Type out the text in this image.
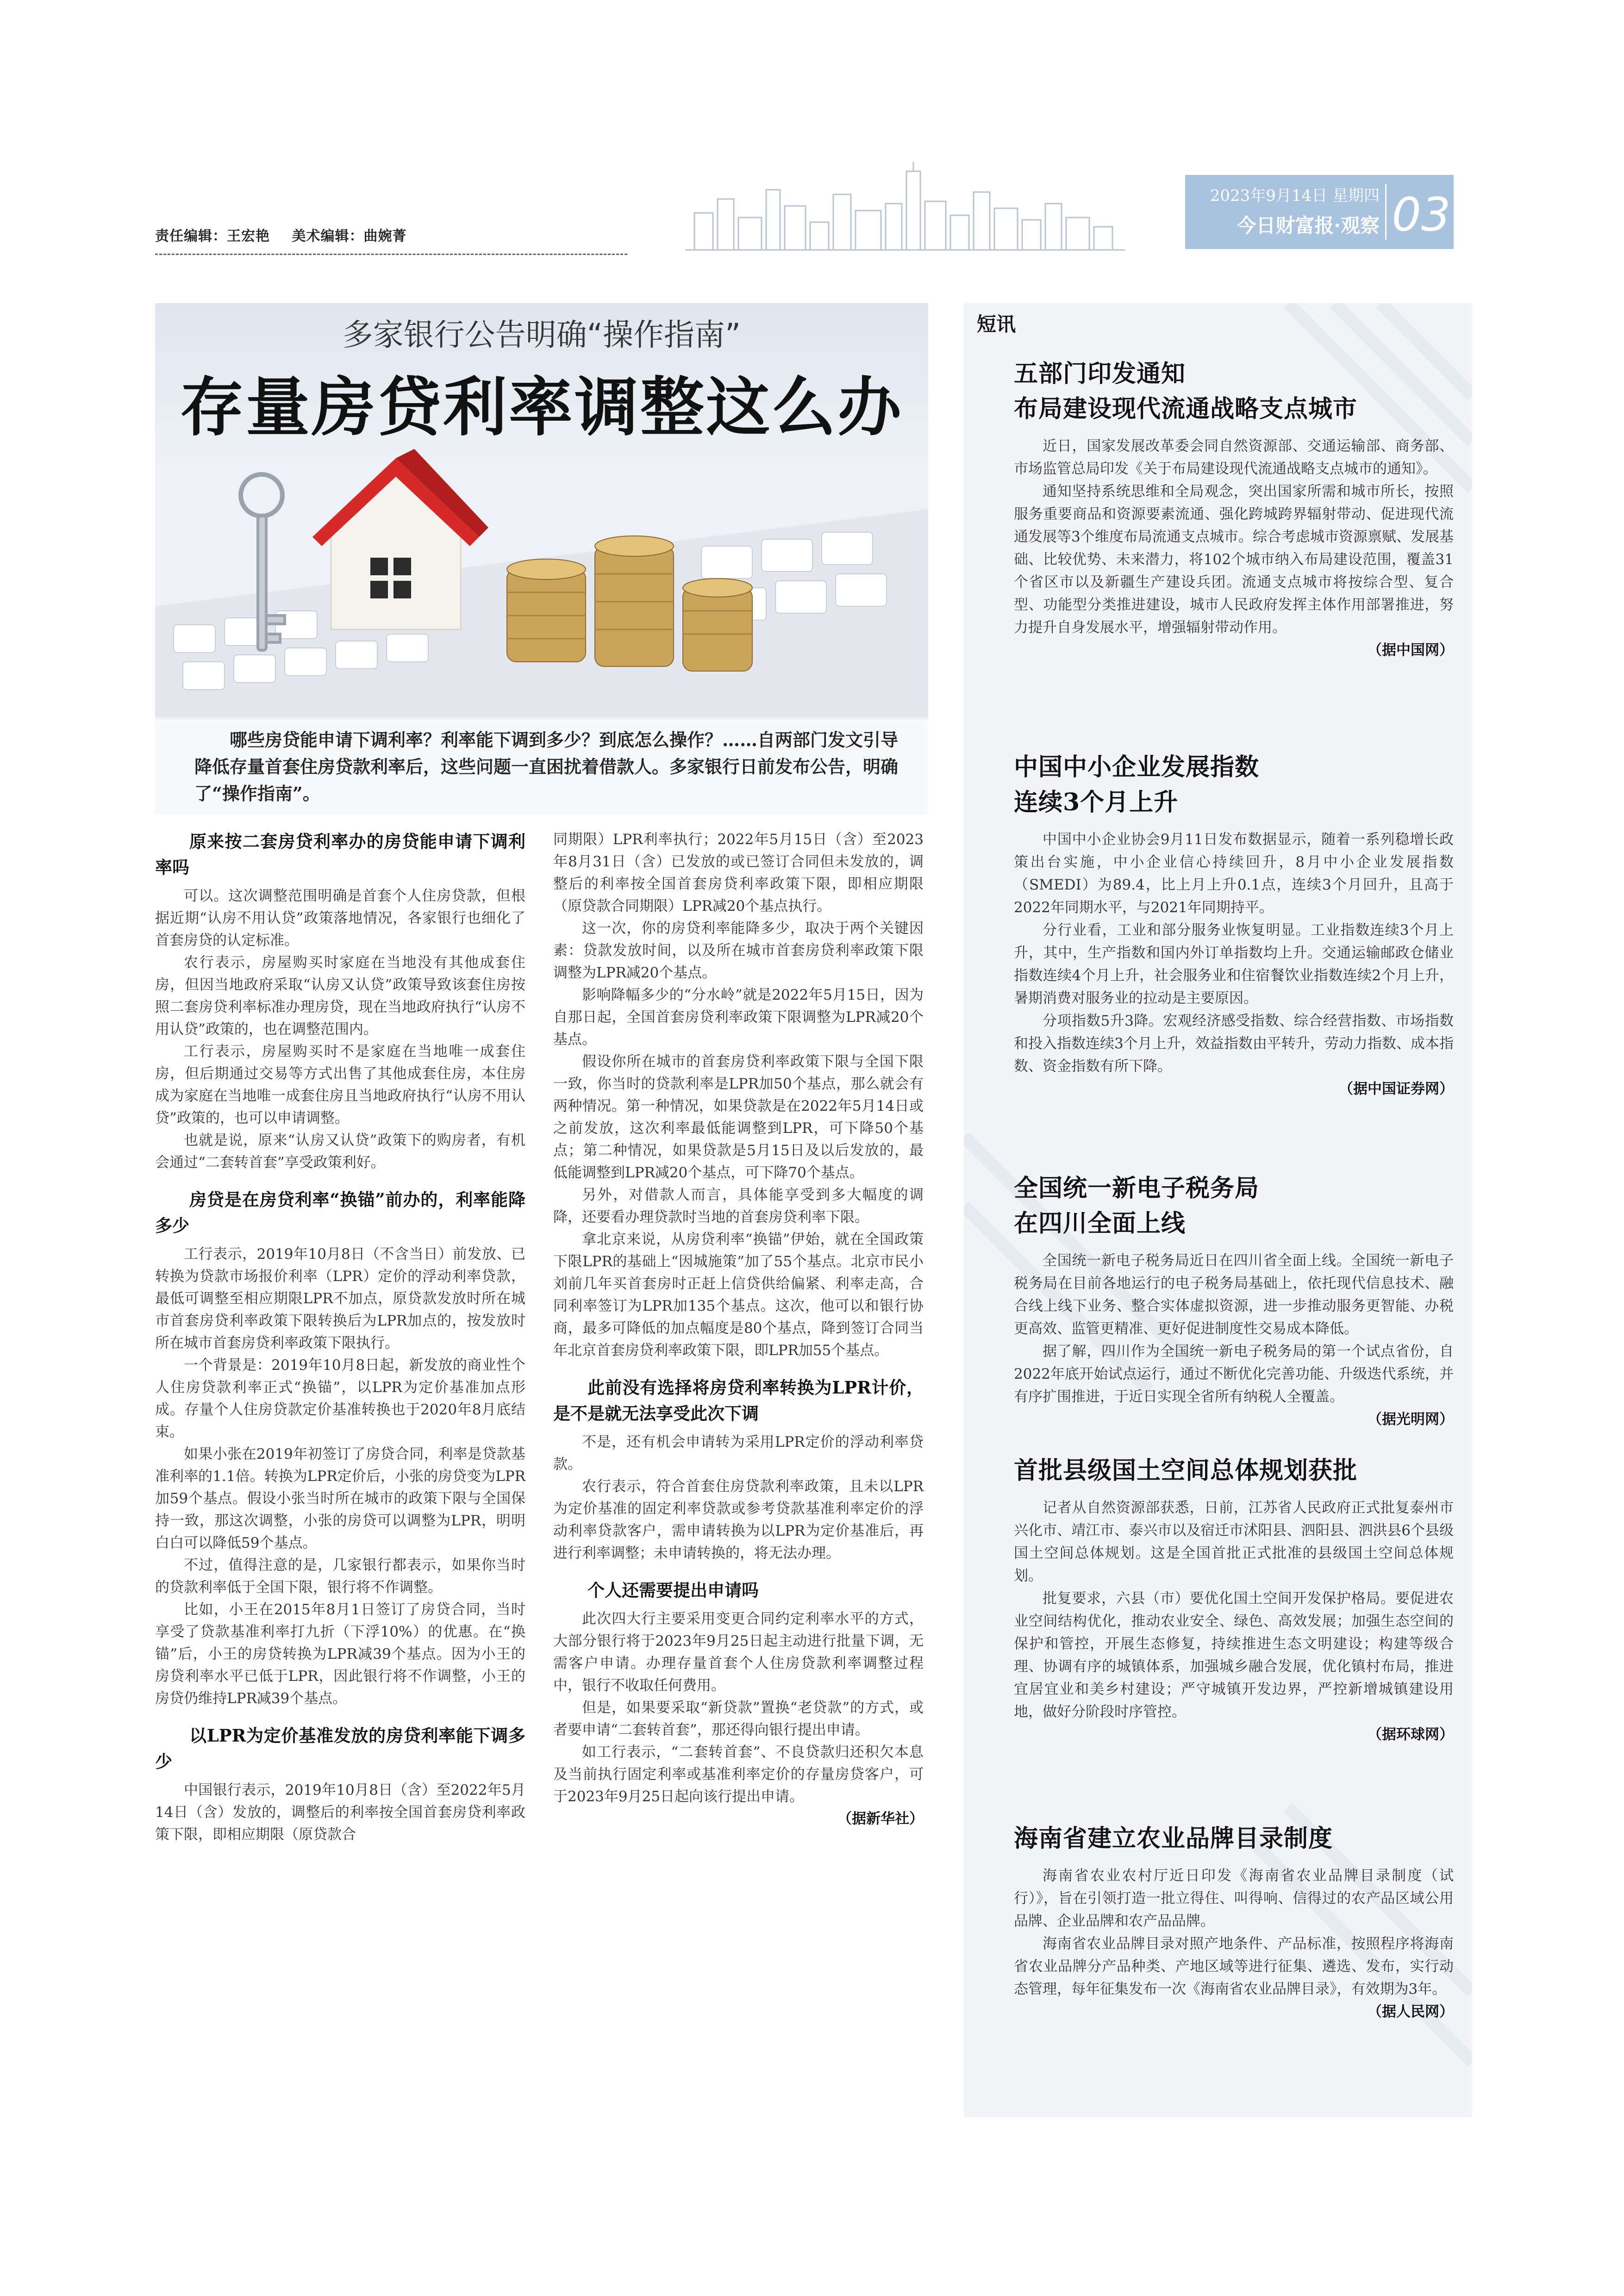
责任编辑：王宏艳 美术编辑：曲婉菁
2023年9月14日 星期四
今日财富报·观察 03
多家银行公告明确“操作指南”
存量房贷利率调整这么办
哪些房贷能申请下调利率？利率能下调到多少？到底怎么操作？……自两部门发文引导降低存量首套住房贷款利率后，这些问题一直困扰着借款人。多家银行日前发布公告，明确了“操作指南”。
原来按二套房贷利率办的房贷能申请下调利率吗

可以。这次调整范围明确是首套个人住房贷款，但根据近期“认房不用认贷”政策落地情况，各家银行也细化了首套房贷的认定标准。

农行表示，房屋购买时家庭在当地没有其他成套住房，但因当地政府采取“认房又认贷”政策导致该套住房按照二套房贷利率标准办理房贷，现在当地政府执行“认房不用认贷”政策的，也在调整范围内。

工行表示，房屋购买时不是家庭在当地唯一成套住房，但后期通过交易等方式出售了其他成套住房，本住房成为家庭在当地唯一成套住房且当地政府执行“认房不用认贷”政策的，也可以申请调整。

也就是说，原来“认房又认贷”政策下的购房者，有机会通过“二套转首套”享受政策利好。

房贷是在房贷利率“换锚”前办的，利率能降多少

工行表示，2019年10月8日（不含当日）前发放、已转换为贷款市场报价利率（LPR）定价的浮动利率贷款，最低可调整至相应期限LPR不加点，原贷款发放时所在城市首套房贷利率政策下限转换后为LPR加点的，按发放时所在城市首套房贷利率政策下限执行。

一个背景是：2019年10月8日起，新发放的商业性个人住房贷款利率正式“换锚”，以LPR为定价基准加点形成。存量个人住房贷款定价基准转换也于2020年8月底结束。

如果小张在2019年初签订了房贷合同，利率是贷款基准利率的1.1倍。转换为LPR定价后，小张的房贷变为LPR加59个基点。假设小张当时所在城市的政策下限与全国保持一致，那这次调整，小张的房贷可以调整为LPR，明明白白可以降低59个基点。

不过，值得注意的是，几家银行都表示，如果你当时的贷款利率低于全国下限，银行将不作调整。

比如，小王在2015年8月1日签订了房贷合同，当时享受了贷款基准利率打九折（下浮10%）的优惠。在“换锚”后，小王的房贷转换为LPR减39个基点。因为小王的房贷利率水平已低于LPR，因此银行将不作调整，小王的房贷仍维持LPR减39个基点。

以LPR为定价基准发放的房贷利率能下调多少

中国银行表示，2019年10月8日（含）至2022年5月14日（含）发放的，调整后的利率按全国首套房贷利率政策下限，即相应期限（原贷款合

同期限）LPR利率执行；2022年5月15日（含）至2023年8月31日（含）已发放的或已签订合同但未发放的，调整后的利率按全国首套房贷利率政策下限，即相应期限（原贷款合同期限）LPR减20个基点执行。

这一次，你的房贷利率能降多少，取决于两个关键因素：贷款发放时间，以及所在城市首套房贷利率政策下限调整为LPR减20个基点。

影响降幅多少的“分水岭”就是2022年5月15日，因为自那日起，全国首套房贷利率政策下限调整为LPR减20个基点。

假设你所在城市的首套房贷利率政策下限与全国下限一致，你当时的贷款利率是LPR加50个基点，那么就会有两种情况。第一种情况，如果贷款是在2022年5月14日或之前发放，这次利率最低能调整到LPR，可下降50个基点；第二种情况，如果贷款是5月15日及以后发放的，最低能调整到LPR减20个基点，可下降70个基点。

另外，对借款人而言，具体能享受到多大幅度的调降，还要看办理贷款时当地的首套房贷利率下限。

拿北京来说，从房贷利率“换锚”伊始，就在全国政策下限LPR的基础上“因城施策”加了55个基点。北京市民小刘前几年买首套房时正赶上信贷供给偏紧、利率走高，合同利率签订为LPR加135个基点。这次，他可以和银行协商，最多可降低的加点幅度是80个基点，降到签订合同当年北京首套房贷利率政策下限，即LPR加55个基点。

此前没有选择将房贷利率转换为LPR计价，是不是就无法享受此次下调

不是，还有机会申请转为采用LPR定价的浮动利率贷款。

农行表示，符合首套住房贷款利率政策，且未以LPR为定价基准的固定利率贷款或参考贷款基准利率定价的浮动利率贷款客户，需申请转换为以LPR为定价基准后，再进行利率调整；未申请转换的，将无法办理。

个人还需要提出申请吗

此次四大行主要采用变更合同约定利率水平的方式，大部分银行将于2023年9月25日起主动进行批量下调，无需客户申请。办理存量首套个人住房贷款利率调整过程中，银行不收取任何费用。

但是，如果要采取“新贷款”置换“老贷款”的方式，或者要申请“二套转首套”，那还得向银行提出申请。

如工行表示，“二套转首套”、不良贷款归还积欠本息及当前执行固定利率或基准利率定价的存量房贷客户，可于2023年9月25日起向该行提出申请。

（据新华社）

短讯
五部门印发通知
布局建设现代流通战略支点城市

近日，国家发展改革委会同自然资源部、交通运输部、商务部、市场监管总局印发《关于布局建设现代流通战略支点城市的通知》。

通知坚持系统思维和全局观念，突出国家所需和城市所长，按照服务重要商品和资源要素流通、强化跨城跨界辐射带动、促进现代流通发展等3个维度布局流通支点城市。综合考虑城市资源禀赋、发展基础、比较优势、未来潜力，将102个城市纳入布局建设范围，覆盖31个省区市以及新疆生产建设兵团。流通支点城市将按综合型、复合型、功能型分类推进建设，城市人民政府发挥主体作用部署推进，努力提升自身发展水平，增强辐射带动作用。

（据中国网）

中国中小企业发展指数
连续3个月上升

中国中小企业协会9月11日发布数据显示，随着一系列稳增长政策出台实施，中小企业信心持续回升，8月中小企业发展指数（SMEDI）为89.4，比上月上升0.1点，连续3个月回升，且高于2022年同期水平，与2021年同期持平。

分行业看，工业和部分服务业恢复明显。工业指数连续3个月上升，其中，生产指数和国内外订单指数均上升。交通运输邮政仓储业指数连续4个月上升，社会服务业和住宿餐饮业指数连续2个月上升，暑期消费对服务业的拉动是主要原因。

分项指数5升3降。宏观经济感受指数、综合经营指数、市场指数和投入指数连续3个月上升，效益指数由平转升，劳动力指数、成本指数、资金指数有所下降。

（据中国证券网）

全国统一新电子税务局
在四川全面上线

全国统一新电子税务局近日在四川省全面上线。全国统一新电子税务局在目前各地运行的电子税务局基础上，依托现代信息技术、融合线上线下业务、整合实体虚拟资源，进一步推动服务更智能、办税更高效、监管更精准、更好促进制度性交易成本降低。

据了解，四川作为全国统一新电子税务局的第一个试点省份，自2022年底开始试点运行，通过不断优化完善功能、升级迭代系统，并有序扩围推进，于近日实现全省所有纳税人全覆盖。

（据光明网）

首批县级国土空间总体规划获批

记者从自然资源部获悉，日前，江苏省人民政府正式批复泰州市兴化市、靖江市、泰兴市以及宿迁市沭阳县、泗阳县、泗洪县6个县级国土空间总体规划。这是全国首批正式批准的县级国土空间总体规划。

批复要求，六县（市）要优化国土空间开发保护格局。要促进农业空间结构优化，推动农业安全、绿色、高效发展；加强生态空间的保护和管控，开展生态修复，持续推进生态文明建设；构建等级合理、协调有序的城镇体系，加强城乡融合发展，优化镇村布局，推进宜居宜业和美乡村建设；严守城镇开发边界，严控新增城镇建设用地，做好分阶段时序管控。

（据环球网）

海南省建立农业品牌目录制度

海南省农业农村厅近日印发《海南省农业品牌目录制度（试行）》，旨在引领打造一批立得住、叫得响、信得过的农产品区域公用品牌、企业品牌和农产品品牌。

海南省农业品牌目录对照产地条件、产品标准，按照程序将海南省农业品牌分产品种类、产地区域等进行征集、遴选、发布，实行动态管理，每年征集发布一次《海南省农业品牌目录》，有效期为3年。

（据人民网）
